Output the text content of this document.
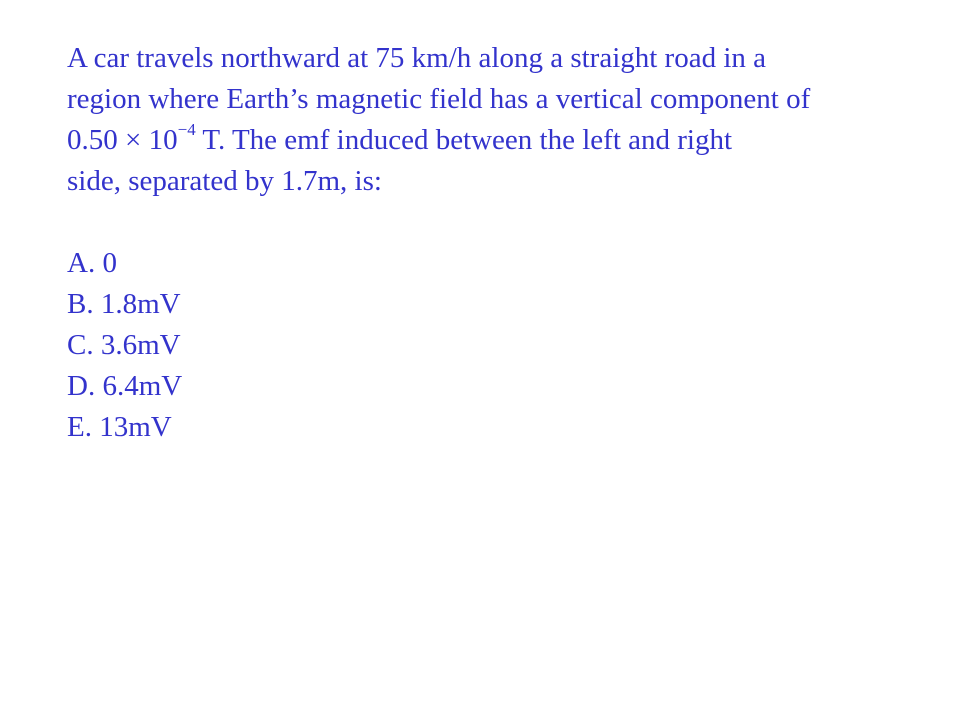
A car travels northward at 75 km/h along a straight road in a
region where Earth’s magnetic field has a vertical component of
$0.50 \times 10^{-4}$ T. The emf induced between the left and right
side, separated by 1.7m, is:
A. 0
B. 1.8mV
C. 3.6mV
D. 6.4mV
E. 13mV
